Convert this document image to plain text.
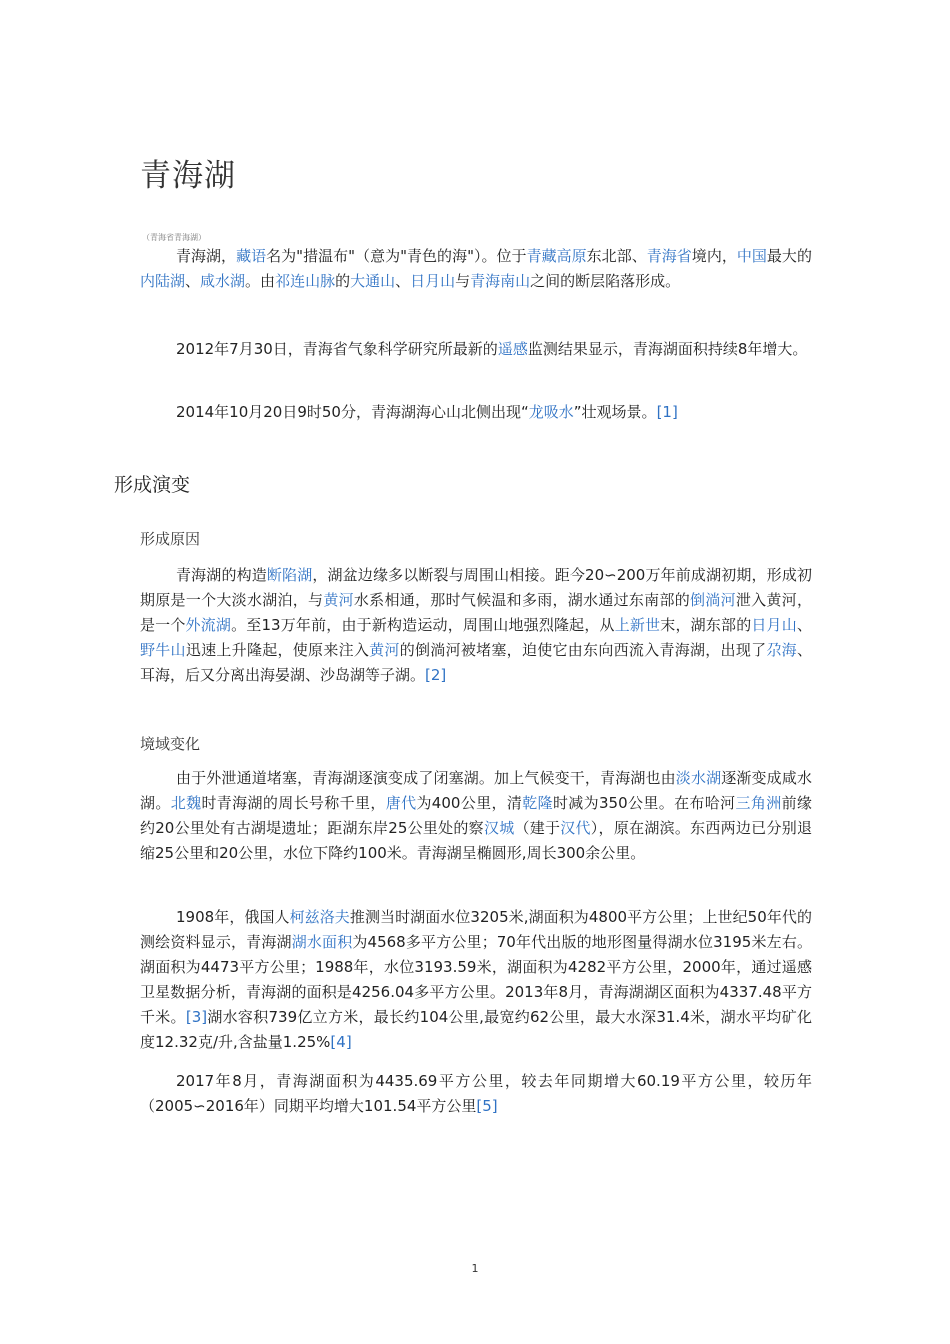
青海湖
（青海省青海湖）

青海湖，藏语名为"措温布"（意为"青色的海"）。位于青藏高原东北部、青海省境内，中国最大的内陆湖、咸水湖。由祁连山脉的大通山、日月山与青海南山之间的断层陷落形成。

2012年7月30日，青海省气象科学研究所最新的遥感监测结果显示，青海湖面积持续8年增大。

2014年10月20日9时50分，青海湖海心山北侧出现“龙吸水”壮观场景。[1]

形成演变
形成原因

青海湖的构造断陷湖，湖盆边缘多以断裂与周围山相接。距今20∽200万年前成湖初期，形成初期原是一个大淡水湖泊，与黄河水系相通，那时气候温和多雨，湖水通过东南部的倒淌河泄入黄河，是一个外流湖。至13万年前，由于新构造运动，周围山地强烈隆起，从上新世末，湖东部的日月山、野牛山迅速上升隆起，使原来注入黄河的倒淌河被堵塞，迫使它由东向西流入青海湖，出现了尕海、耳海，后又分离出海晏湖、沙岛湖等子湖。[2]

境域变化

由于外泄通道堵塞，青海湖逐演变成了闭塞湖。加上气候变干，青海湖也由淡水湖逐渐变成咸水湖。北魏时青海湖的周长号称千里，唐代为400公里，清乾隆时减为350公里。在布哈河三角洲前缘约20公里处有古湖堤遗址；距湖东岸25公里处的察汉城（建于汉代），原在湖滨。东西两边已分别退缩25公里和20公里，水位下降约100米。青海湖呈椭圆形,周长300余公里。

1908年，俄国人柯兹洛夫推测当时湖面水位3205米,湖面积为4800平方公里；上世纪50年代的测绘资料显示，青海湖湖水面积为4568多平方公里；70年代出版的地形图量得湖水位3195米左右。湖面积为4473平方公里；1988年，水位3193.59米，湖面积为4282平方公里，2000年，通过遥感卫星数据分析，青海湖的面积是4256.04多平方公里。2013年8月，青海湖湖区面积为4337.48平方千米。[3]湖水容积739亿立方米，最长约104公里,最宽约62公里，最大水深31.4米，湖水平均矿化度12.32克/升,含盐量1.25%[4]

2017年8月，青海湖面积为4435.69平方公里，较去年同期增大60.19平方公里，较历年（2005∽2016年）同期平均增大101.54平方公里[5]

1
